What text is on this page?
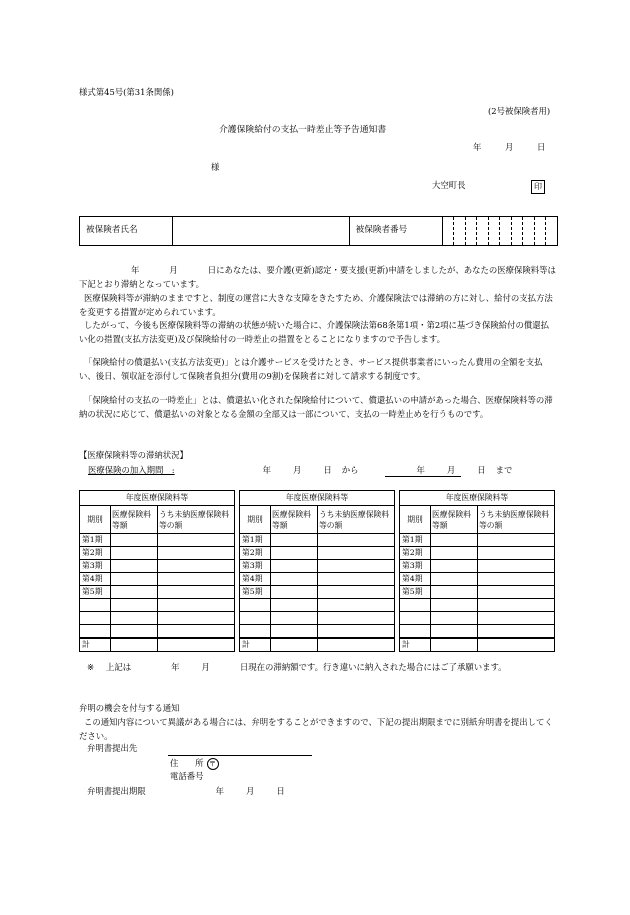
様式第45号(第31条関係)
(2号被保険者用)
介護保険給付の支払一時差止等予告通知書
年	月	日
様
大空町長	印
被保険者氏名		被保険者番号										
年	月	日にあなたは、要介護(更新)認定・要支援(更新)申請をしましたが、あなたの医療保険料等は下記とおり滞納となっています。
医療保険料等が滞納のままですと、制度の運営に大きな支障をきたすため、介護保険法では滞納の方に対し、給付の支払方法を変更する措置が定められています。
したがって、今後も医療保険料等の滞納の状態が続いた場合に、介護保険法第68条第1項・第2項に基づき保険給付の償還払い化の措置(支払方法変更)及び保険給付の一時差止の措置をとることになりますので予告します。
「保険給付の償還払い(支払方法変更)」とは介護サービスを受けたとき、サービス提供事業者にいったん費用の全額を支払い、後日、領収証を添付して保険者負担分(費用の9割)を保険者に対して請求する制度です。
「保険給付の支払の一時差止」とは、償還払い化された保険給付について、償還払いの申請があった場合、医療保険料等の滞納の状況に応じて、償還払いの対象となる金額の全部又は一部について、支払の一時差止めを行うものです。
【医療保険料等の滞納状況】
医療保険の加入期間　:	年	月	日 から	年	月	日 まで
年度医療保険料等		
期別	医療保険料等額	うち未納医療保険料等の額
第1期		
第2期		
第3期		
第4期		
第5期		

計		
年度医療保険料等		
期別	医療保険料等額	うち未納医療保険料等の額
第1期		
第2期		
第3期		
第4期		
第5期		

計		
年度医療保険料等		
期別	医療保険料等額	うち未納医療保険料等の額
第1期		
第2期		
第3期		
第4期		
第5期		

計		
※ 上記は	年	月	日現在の滞納額です。行き違いに納入された場合にはご了承願います。
弁明の機会を付与する通知
この通知内容について異議がある場合には、弁明をすることができますので、下記の提出期限までに別紙弁明書を提出してください。
弁明書提出先
住　　所 〒
電話番号
弁明書提出期限	年	月	日
